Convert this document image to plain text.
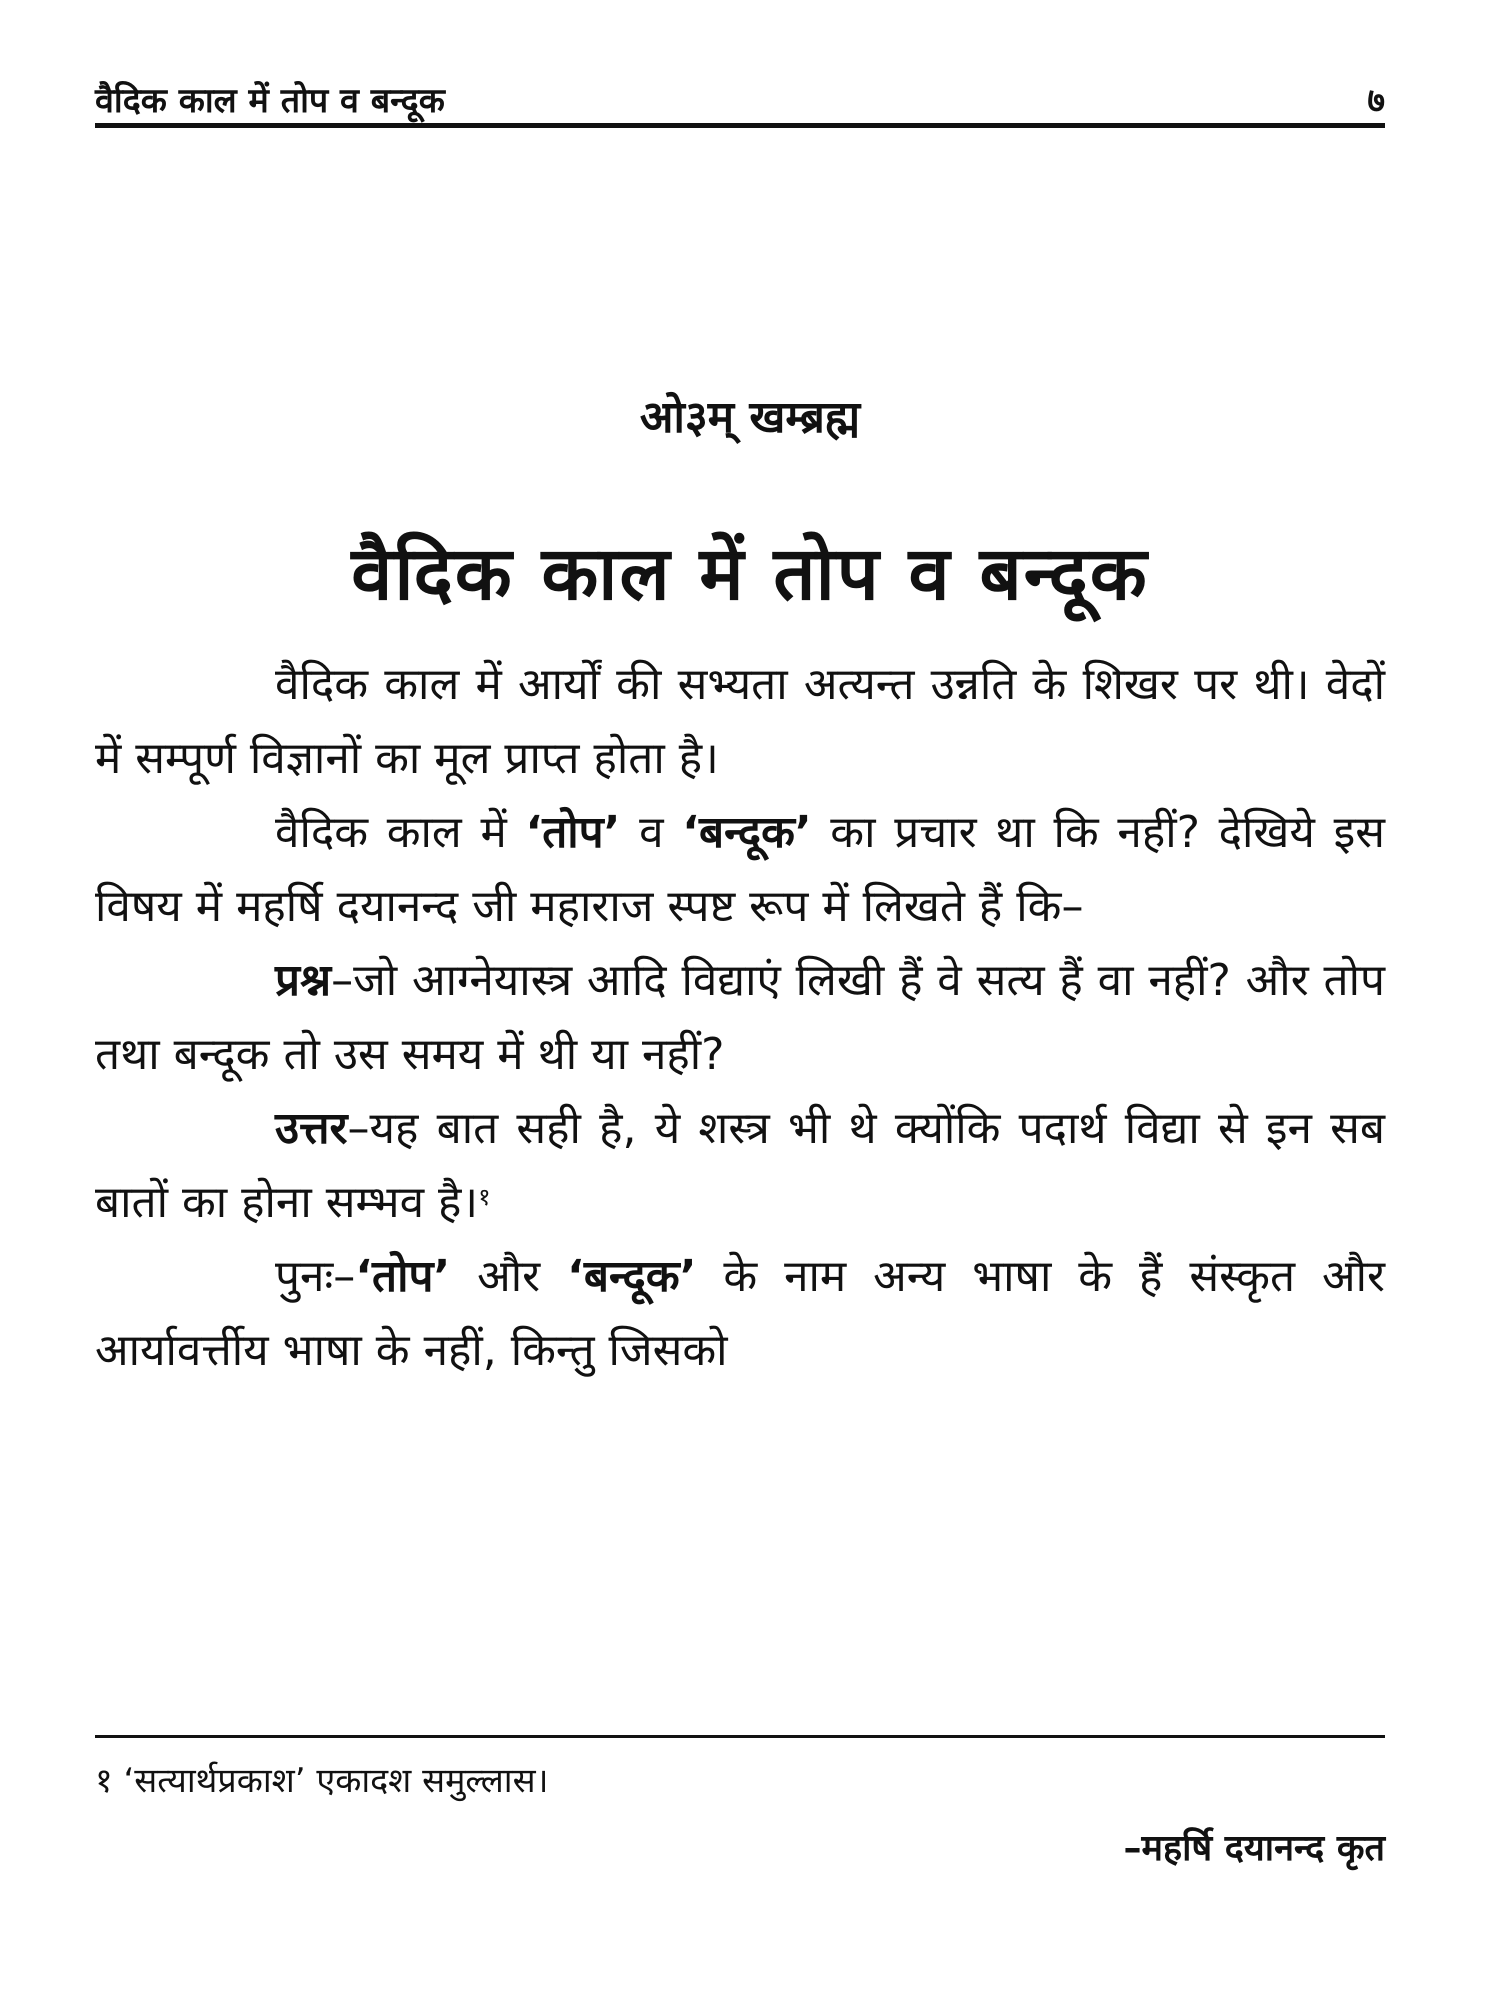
वैदिक काल में तोप व बन्दूक	७
ओ३म् खम्ब्रह्म
वैदिक काल में तोप व बन्दूक

वैदिक काल में आर्यों की सभ्यता अत्यन्त उन्नति के शिखर पर थी। वेदों में सम्पूर्ण विज्ञानों का मूल प्राप्त होता है।

वैदिक काल में ‘तोप’ व ‘बन्दूक’ का प्रचार था कि नहीं? देखिये इस विषय में महर्षि दयानन्द जी महाराज स्पष्ट रूप में लिखते हैं कि–

प्रश्न–जो आग्नेयास्त्र आदि विद्याएं लिखी हैं वे सत्य हैं वा नहीं? और तोप तथा बन्दूक तो उस समय में थी या नहीं?

उत्तर–यह बात सही है, ये शस्त्र भी थे क्योंकि पदार्थ विद्या से इन सब बातों का होना सम्भव है।$^१$

पुनः–‘तोप’ और ‘बन्दूक’ के नाम अन्य भाषा के हैं संस्कृत और आर्यावर्त्तीय भाषा के नहीं, किन्तु जिसको

१ ‘सत्यार्थप्रकाश’ एकादश समुल्लास।
–महर्षि दयानन्द कृत
